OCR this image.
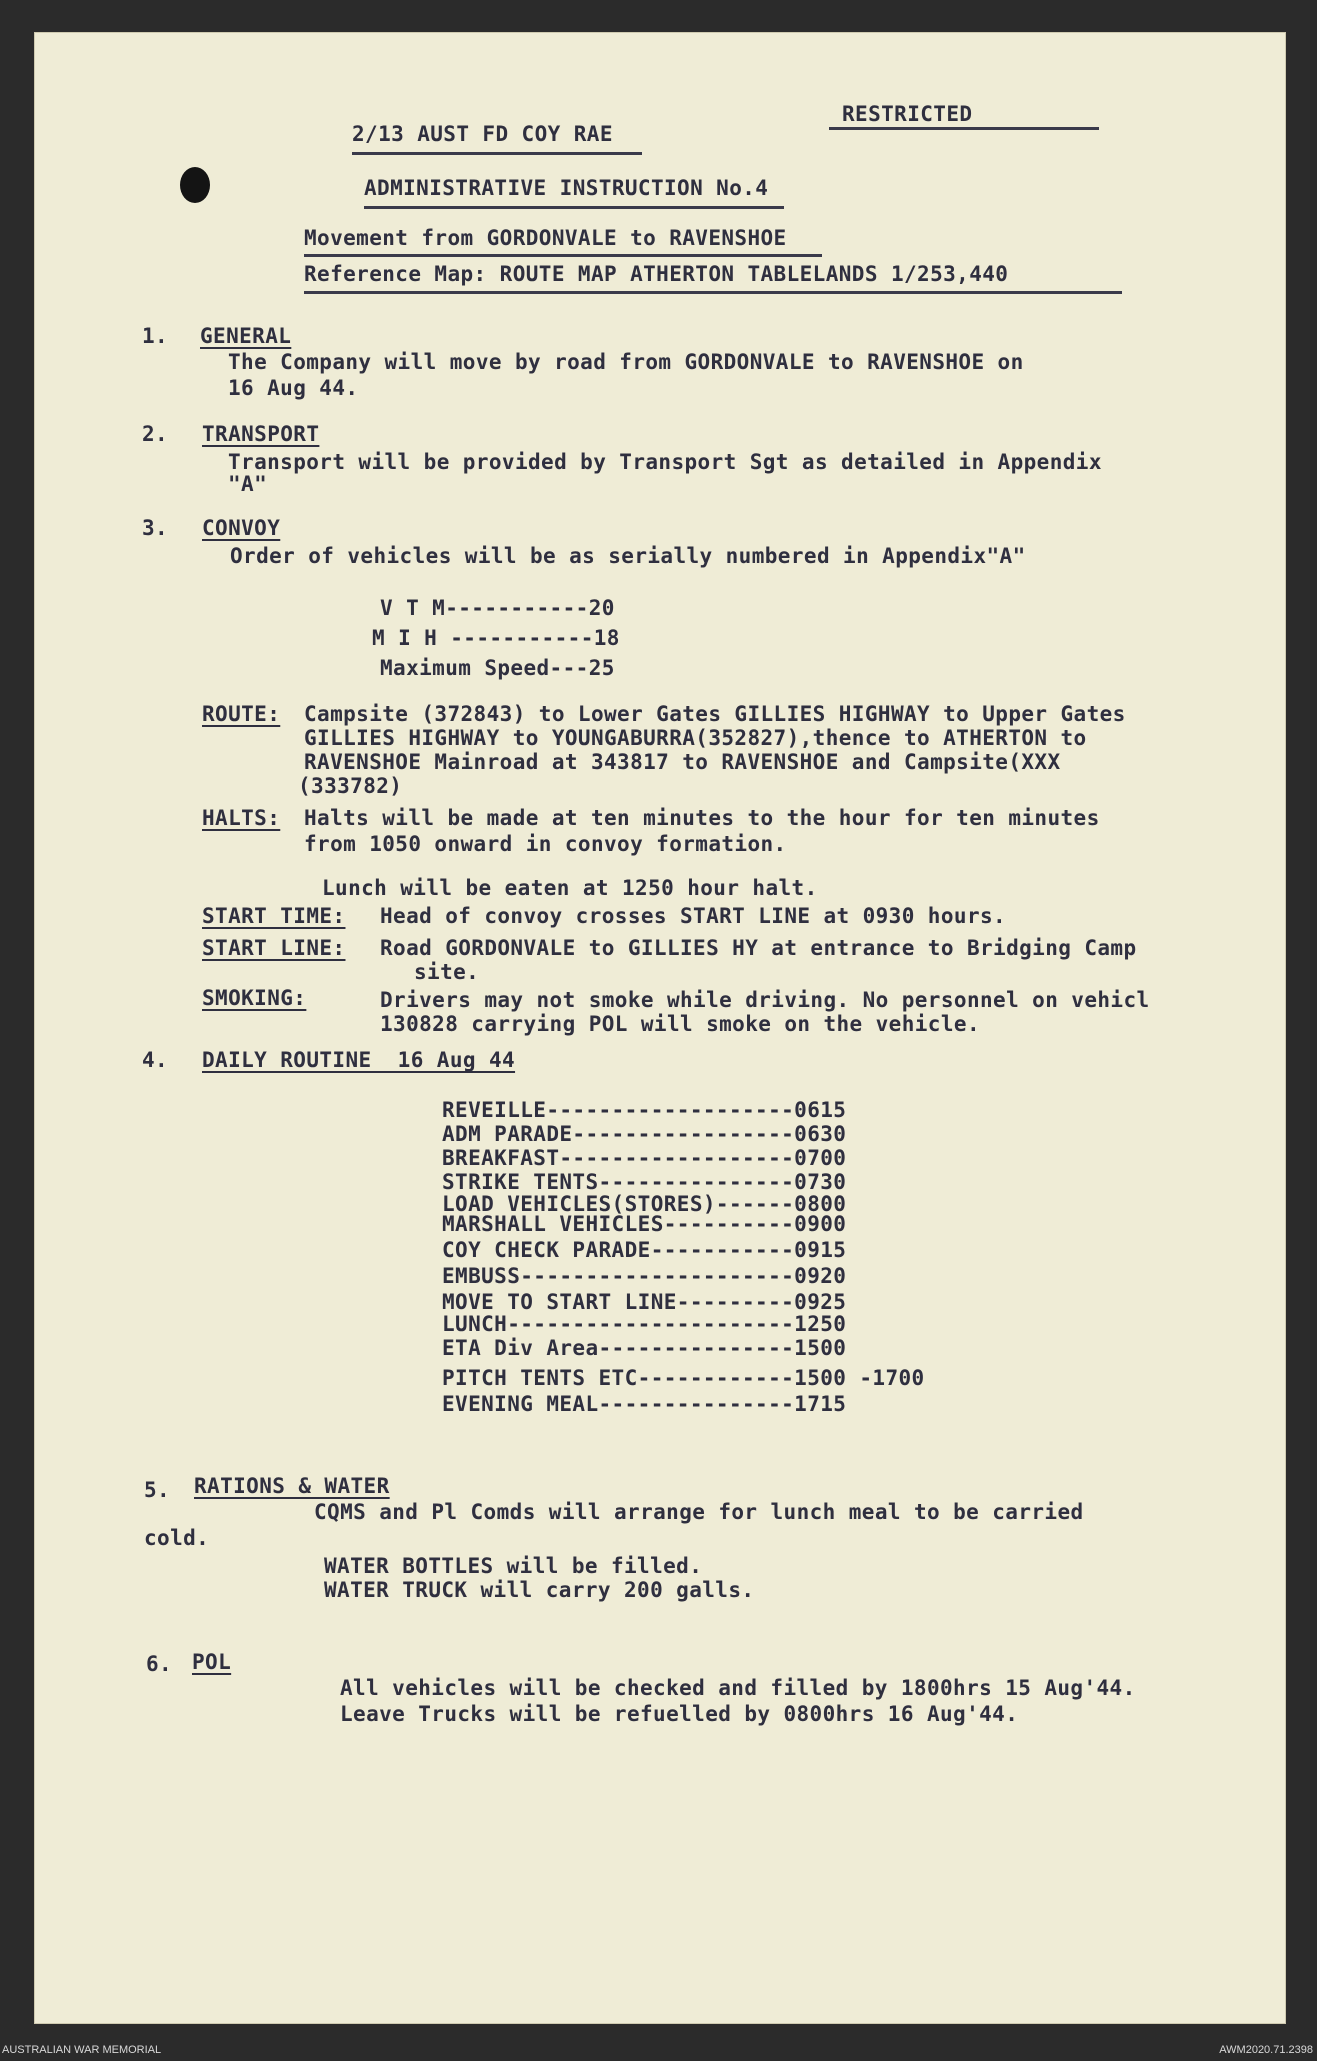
2/13 AUST FD COY RAE
RESTRICTED
ADMINISTRATIVE INSTRUCTION No.4
Movement from GORDONVALE to RAVENSHOE
Reference Map: ROUTE MAP ATHERTON TABLELANDS 1/253,440
1. GENERAL
The Company will move by road from GORDONVALE to RAVENSHOE on
16 Aug 44.
2. TRANSPORT
Transport will be provided by Transport Sgt as detailed in Appendix
"A"
3. CONVOY
Order of vehicles will be as serially numbered in Appendix"A"
V T M-----------20
M I H -----------18
Maximum Speed---25
ROUTE: Campsite (372843) to Lower Gates GILLIES HIGHWAY to Upper Gates
GILLIES HIGHWAY to YOUNGABURRA(352827),thence to ATHERTON to
RAVENSHOE Mainroad at 343817 to RAVENSHOE and Campsite(XXX
(333782)
HALTS: Halts will be made at ten minutes to the hour for ten minutes
from 1050 onward in convoy formation.
Lunch will be eaten at 1250 hour halt.
START TIME: Head of convoy crosses START LINE at 0930 hours.
START LINE: Road GORDONVALE to GILLIES HY at entrance to Bridging Camp
site.
SMOKING:	Drivers may not smoke while driving. No personnel on vehicl
130828 carrying POL will smoke on the vehicle.
4. DAILY ROUTINE  16 Aug 44
REVEILLE-------------------0615
ADM PARADE-----------------0630
BREAKFAST------------------0700
STRIKE TENTS---------------0730
LOAD VEHICLES(STORES)------0800
MARSHALL VEHICLES----------0900
COY CHECK PARADE-----------0915
EMBUSS---------------------0920
MOVE TO START LINE---------0925
LUNCH----------------------1250
ETA Div Area---------------1500
PITCH TENTS ETC------------1500 -1700
EVENING MEAL---------------1715
5. RATIONS & WATER
CQMS and Pl Comds will arrange for lunch meal to be carried
cold.
WATER BOTTLES will be filled.
WATER TRUCK will carry 200 galls.
6. POL
All vehicles will be checked and filled by 1800hrs 15 Aug'44.
Leave Trucks will be refuelled by 0800hrs 16 Aug'44.
AUSTRALIAN WAR MEMORIAL	AWM2020.71.2398
